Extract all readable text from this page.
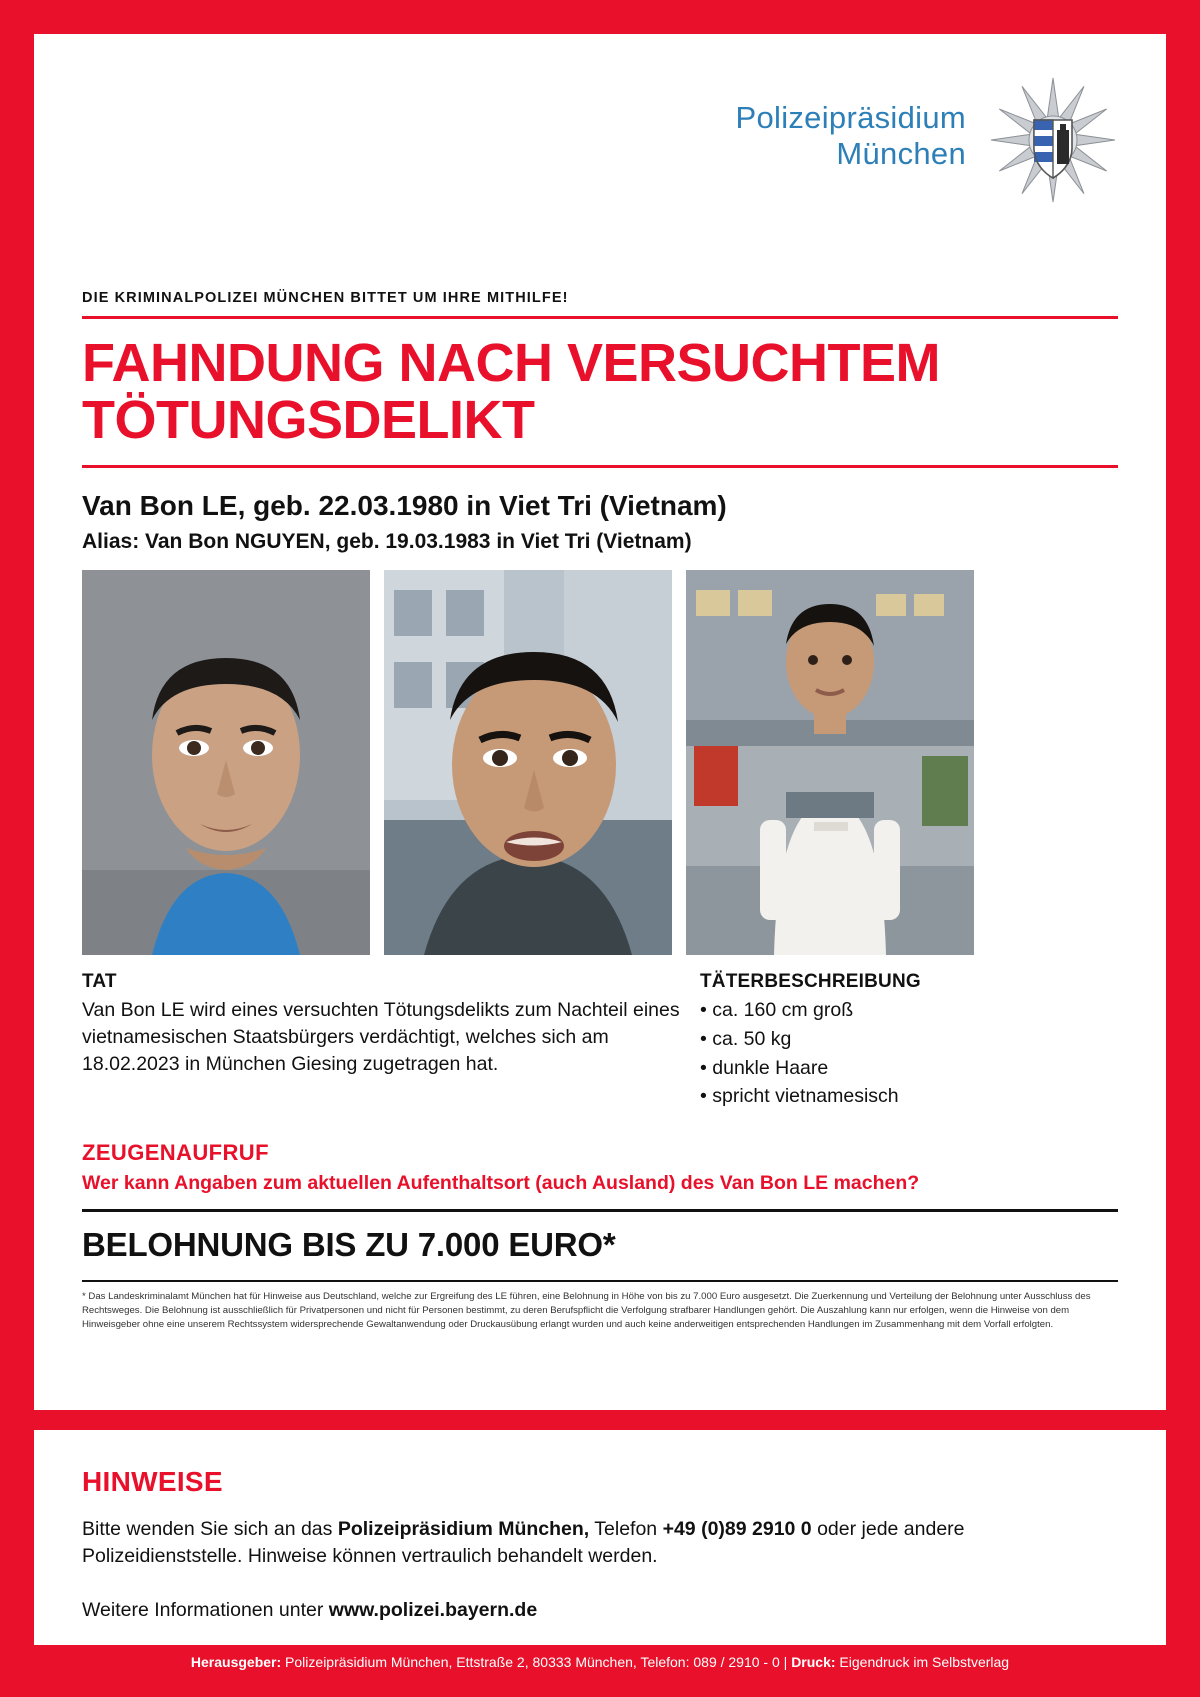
Polizeipräsidium
München
DIE KRIMINALPOLIZEI MÜNCHEN BITTET UM IHRE MITHILFE!
FAHNDUNG NACH VERSUCHTEM TÖTUNGSDELIKT
Van Bon LE, geb. 22.03.1980 in Viet Tri (Vietnam)
Alias: Van Bon NGUYEN, geb. 19.03.1983 in Viet Tri (Vietnam)
TAT
Van Bon LE wird eines versuchten Tötungsdelikts zum Nachteil eines vietnamesischen Staatsbürgers verdächtigt, welches sich am 18.02.2023 in München Giesing zugetragen hat.
TÄTERBESCHREIBUNG
• ca. 160 cm groß
• ca. 50 kg
• dunkle Haare
• spricht vietnamesisch
ZEUGENAUFRUF
Wer kann Angaben zum aktuellen Aufenthaltsort (auch Ausland) des Van Bon LE machen?
BELOHNUNG BIS ZU 7.000 EURO*
* Das Landeskriminalamt München hat für Hinweise aus Deutschland, welche zur Ergreifung des LE führen, eine Belohnung in Höhe von bis zu 7.000 Euro ausgesetzt. Die Zuerkennung und Verteilung der Belohnung unter Ausschluss des Rechtsweges. Die Belohnung ist ausschließlich für Privatpersonen und nicht für Personen bestimmt, zu deren Berufspflicht die Verfolgung strafbarer Handlungen gehört. Die Auszahlung kann nur erfolgen, wenn die Hinweise von dem Hinweisgeber ohne eine unserem Rechtssystem widersprechende Gewaltanwendung oder Druckausübung erlangt wurden und auch keine anderweitigen entsprechenden Handlungen im Zusammenhang mit dem Vorfall erfolgten.
HINWEISE
Bitte wenden Sie sich an das Polizeipräsidium München, Telefon +49 (0)89 2910 0 oder jede andere Polizeidienststelle. Hinweise können vertraulich behandelt werden.
Weitere Informationen unter www.polizei.bayern.de
Herausgeber: Polizeipräsidium München, Ettstraße 2, 80333 München, Telefon: 089 / 2910 - 0 | Druck: Eigendruck im Selbstverlag
